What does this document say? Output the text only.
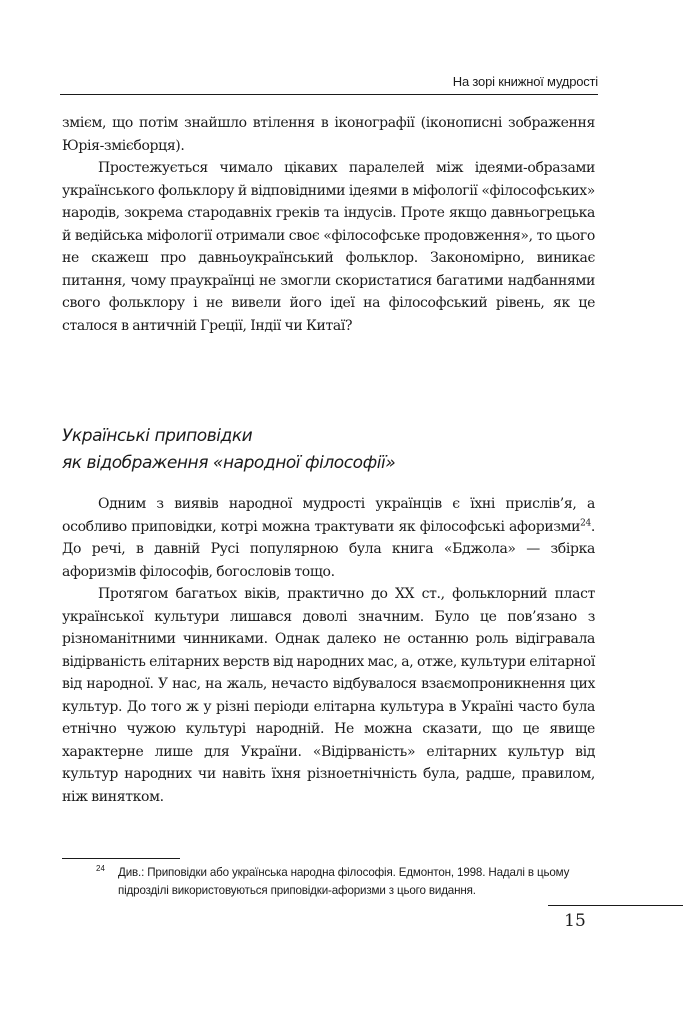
На зорі книжної мудрості

змієм, що потім знайшло втілення в іконографії (іконописні зображення Юрія-змієборця).

Простежується чимало цікавих паралелей між ідеями-образами українського фольклору й відповідними ідеями в міфології «філософських» народів, зокрема стародавніх греків та індусів. Проте якщо давньогрецька й ведійська міфології отримали своє «філософське продовження», то цього не скажеш про давньоукраїнський фольклор. Закономірно, виникає питання, чому праукраїнці не змогли скористатися багатими надбаннями свого фольклору і не вивели його ідеї на філософський рівень, як це сталося в античній Греції, Індії чи Китаї?

Українські приповідки
як відображення «народної філософії»

Одним з виявів народної мудрості українців є їхні прислів’я, а особливо приповідки, котрі можна трактувати як філософські афоризми$^{24}$. До речі, в давній Русі популярною була книга «Бджола» — збірка афоризмів філософів, богословів тощо.

Протягом багатьох віків, практично до ХХ ст., фольклорний пласт української культури лишався доволі значним. Було це пов’язано з різноманітними чинниками. Однак далеко не останню роль відігравала відірваність елітарних верств від народних мас, а, отже, культури елітарної від народної. У нас, на жаль, нечасто відбувалося взаємопроникнення цих культур. До того ж у різні періоди елітарна культура в Україні часто була етнічно чужою культурі народній. Не можна сказати, що це явище характерне лише для України. «Відірваність» елітарних культур від культур народних чи навіть їхня різноетнічність була, радше, правилом, ніж винятком.

24 Див.: Приповідки або українська народна філософія. Едмонтон, 1998. Надалі в цьому підрозділі використовуються приповідки-афоризми з цього видання.
15
